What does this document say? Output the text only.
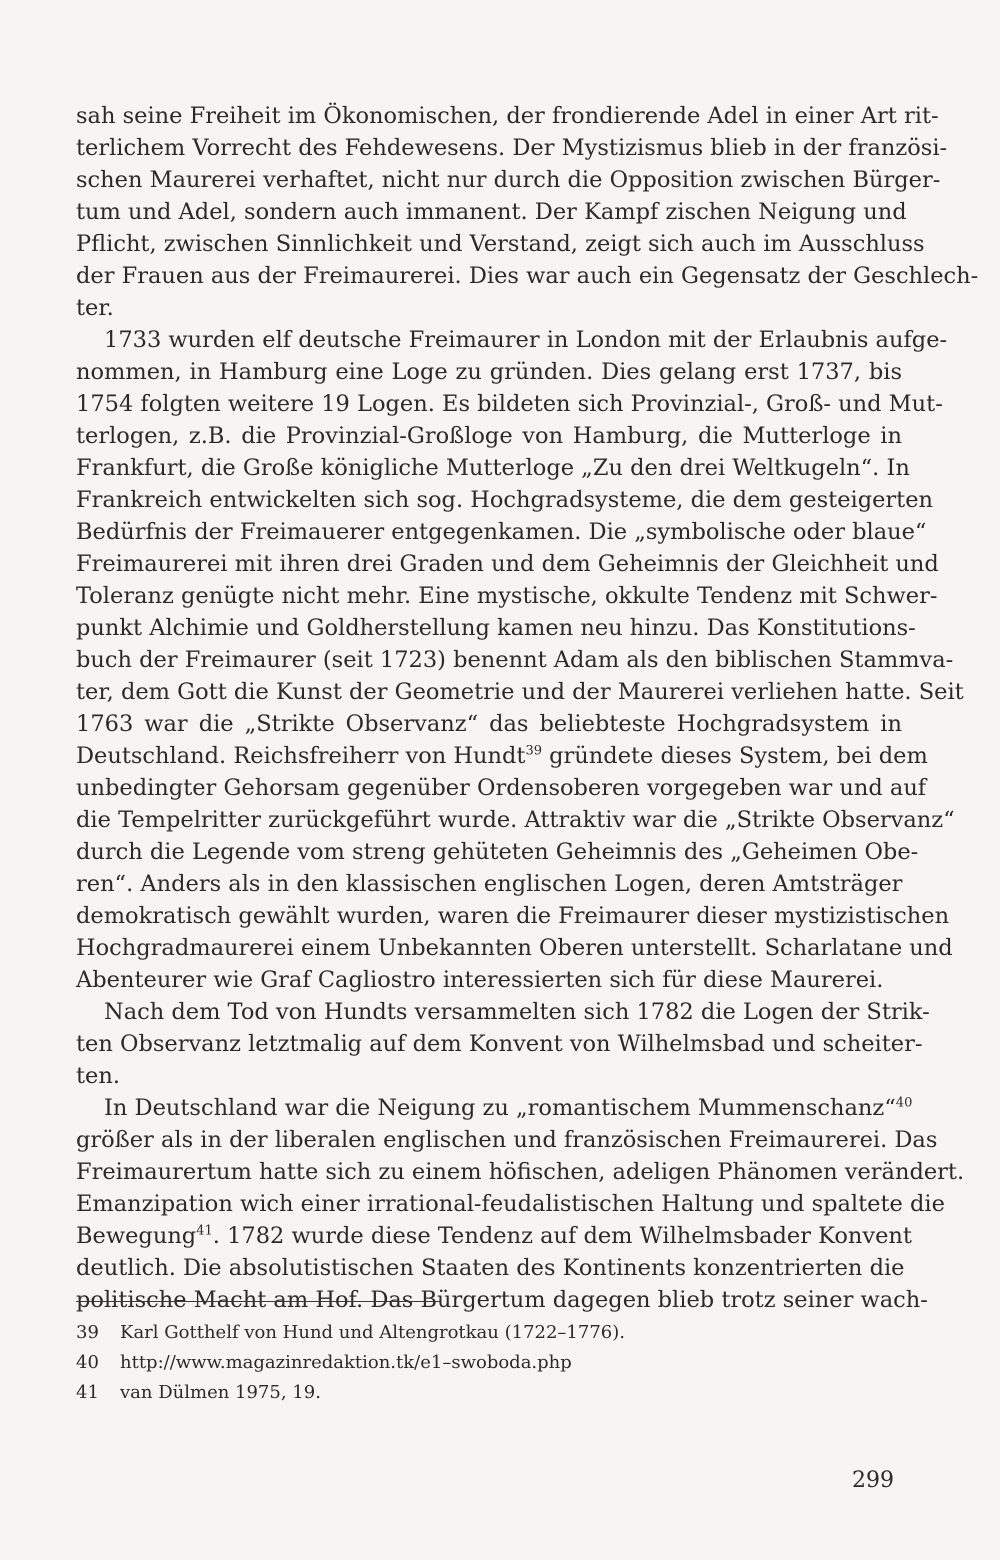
sah seine Freiheit im Ökonomischen, der frondierende Adel in einer Art rit-
terlichem Vorrecht des Fehdewesens. Der Mystizismus blieb in der französi-
schen Maurerei verhaftet, nicht nur durch die Opposition zwischen Bürger-
tum und Adel, sondern auch immanent. Der Kampf zischen Neigung und
Pflicht, zwischen Sinnlichkeit und Verstand, zeigt sich auch im Ausschluss
der Frauen aus der Freimaurerei. Dies war auch ein Gegensatz der Geschlech-
ter.
1733 wurden elf deutsche Freimaurer in London mit der Erlaubnis aufge-
nommen, in Hamburg eine Loge zu gründen. Dies gelang erst 1737, bis
1754 folgten weitere 19 Logen. Es bildeten sich Provinzial-, Groß- und Mut-
terlogen, z.B. die Provinzial-Großloge von Hamburg, die Mutterloge in
Frankfurt, die Große königliche Mutterloge „Zu den drei Weltkugeln“. In
Frankreich entwickelten sich sog. Hochgradsysteme, die dem gesteigerten
Bedürfnis der Freimauerer entgegenkamen. Die „symbolische oder blaue“
Freimaurerei mit ihren drei Graden und dem Geheimnis der Gleichheit und
Toleranz genügte nicht mehr. Eine mystische, okkulte Tendenz mit Schwer-
punkt Alchimie und Goldherstellung kamen neu hinzu. Das Konstitutions-
buch der Freimaurer (seit 1723) benennt Adam als den biblischen Stammva-
ter, dem Gott die Kunst der Geometrie und der Maurerei verliehen hatte. Seit
1763 war die „Strikte Observanz“ das beliebteste Hochgradsystem in
Deutschland. Reichsfreiherr von Hundt$^{39}$ gründete dieses System, bei dem
unbedingter Gehorsam gegenüber Ordensoberen vorgegeben war und auf
die Tempelritter zurückgeführt wurde. Attraktiv war die „Strikte Observanz“
durch die Legende vom streng gehüteten Geheimnis des „Geheimen Obe-
ren“. Anders als in den klassischen englischen Logen, deren Amtsträger
demokratisch gewählt wurden, waren die Freimaurer dieser mystizistischen
Hochgradmaurerei einem Unbekannten Oberen unterstellt. Scharlatane und
Abenteurer wie Graf Cagliostro interessierten sich für diese Maurerei.
Nach dem Tod von Hundts versammelten sich 1782 die Logen der Strik-
ten Observanz letztmalig auf dem Konvent von Wilhelmsbad und scheiter-
ten.
In Deutschland war die Neigung zu „romantischem Mummenschanz“$^{40}$
größer als in der liberalen englischen und französischen Freimaurerei. Das
Freimaurertum hatte sich zu einem höfischen, adeligen Phänomen verändert.
Emanzipation wich einer irrational-feudalistischen Haltung und spaltete die
Bewegung$^{41}$. 1782 wurde diese Tendenz auf dem Wilhelmsbader Konvent
deutlich. Die absolutistischen Staaten des Kontinents konzentrierten die
politische Macht am Hof. Das Bürgertum dagegen blieb trotz seiner wach-
39	Karl Gotthelf von Hund und Altengrotkau (1722–1776).
40	http://www.magazinredaktion.tk/e1–swoboda.php
41	van Dülmen 1975, 19.
299
